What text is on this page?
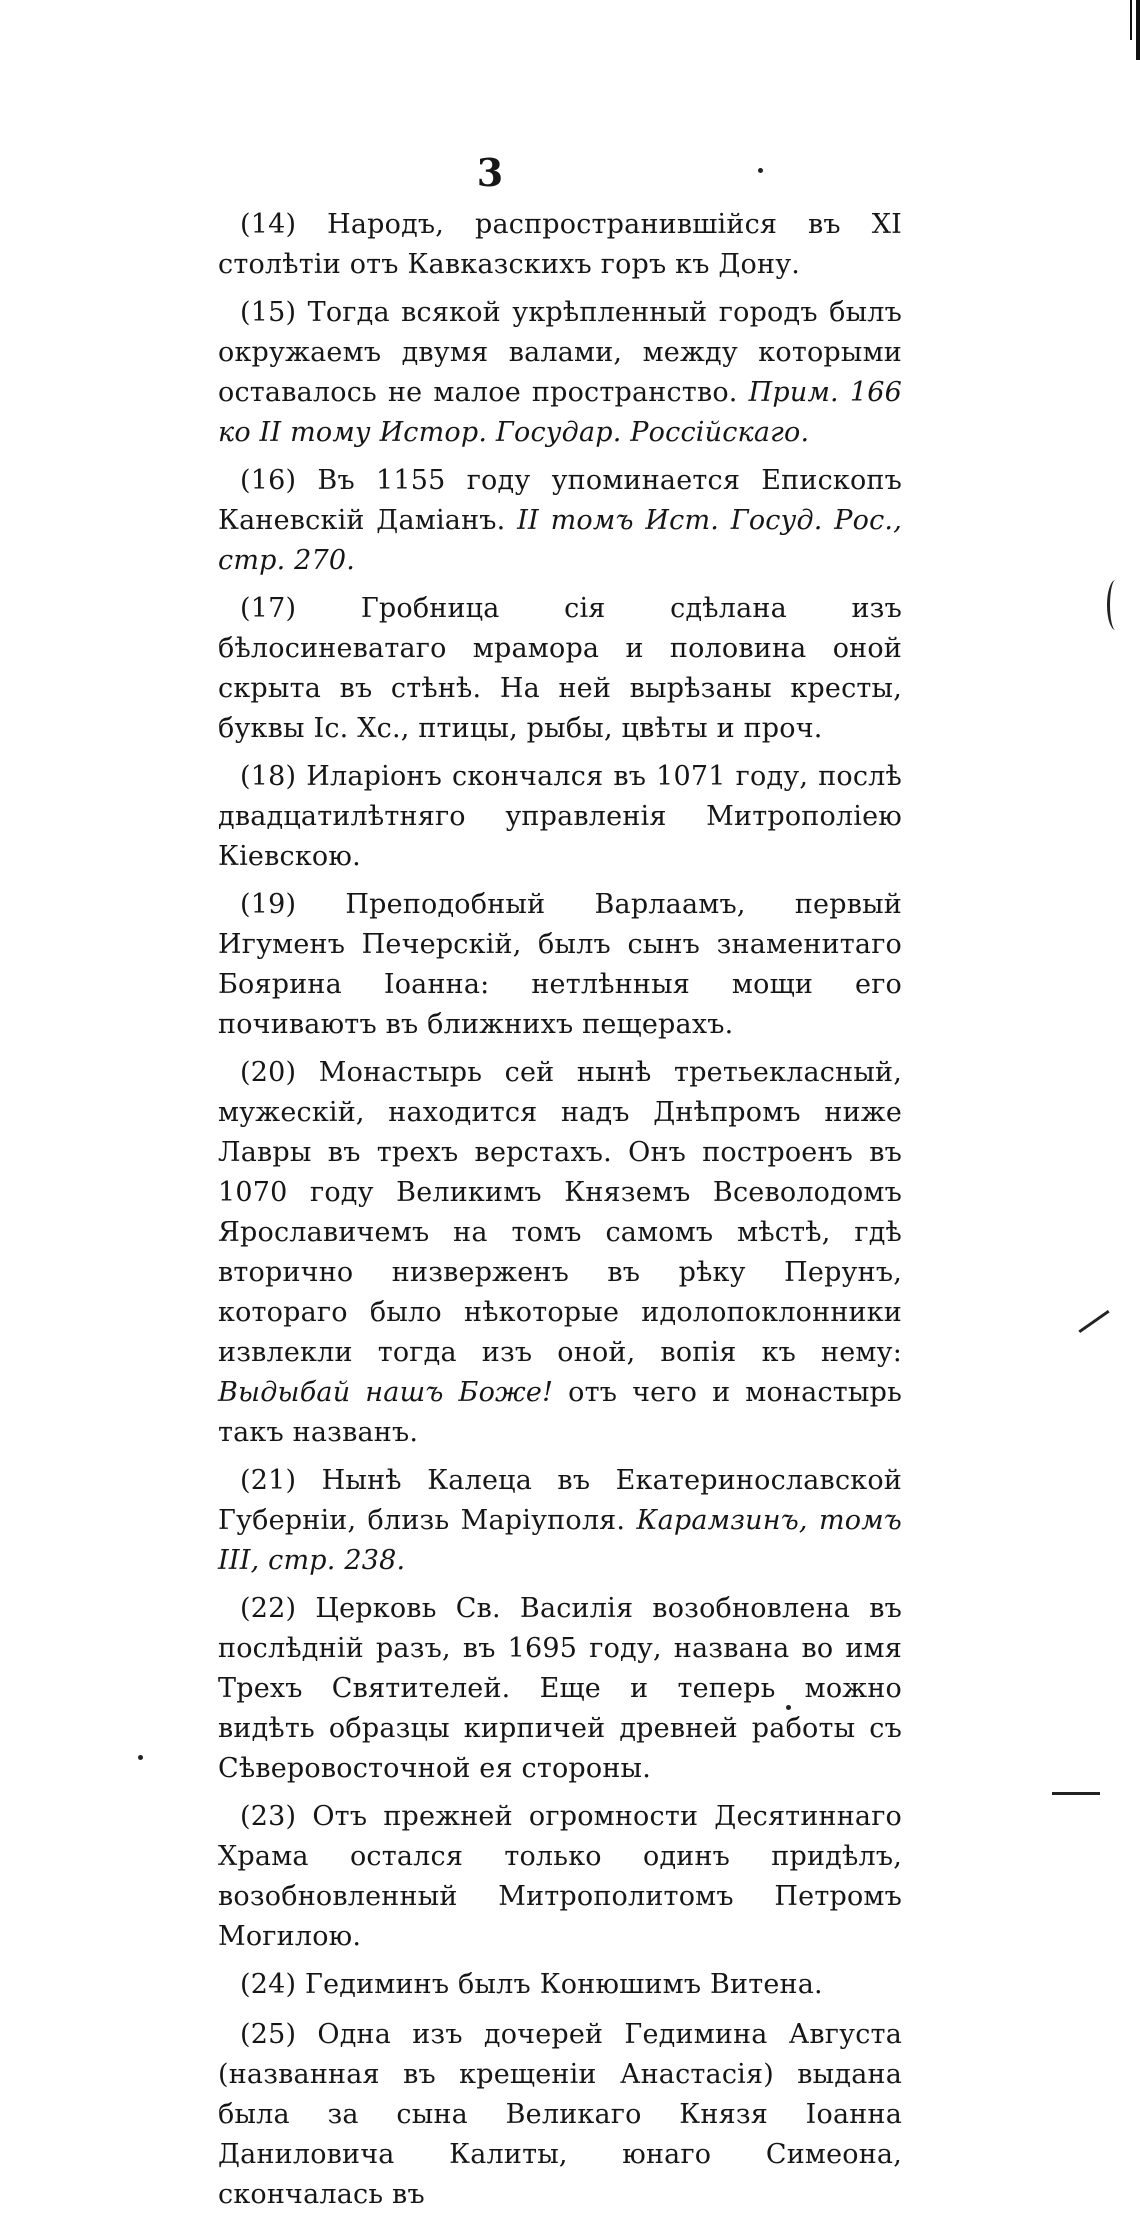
3

(14) Народъ, распространившiйся въ XI столѣтiи отъ Кавказскихъ горъ къ Дону.

(15) Тогда всякой укрѣпленный городъ былъ окружаемъ двумя валами, между которыми оставалось не малое пространство. Прим. 166 ко II тому Истор. Государ. Россiйскаго.

(16) Въ 1155 году упоминается Епископъ Каневскiй Дамiанъ. II томъ Ист. Госуд. Рос., стр. 270.

(17) Гробница сiя сдѣлана изъ бѣлосиневатаго мрамора и половина оной скрыта въ стѣнѣ. На ней вырѣзаны кресты, буквы Iс. Хс., птицы, рыбы, цвѣты и проч.

(18) Иларiонъ скончался въ 1071 году, послѣ двадцатилѣтняго управленiя Митрополiею Кiевскою.

(19) Преподобный Варлаамъ, первый Игуменъ Печерскiй, былъ сынъ знаменитаго Боярина Iоанна: нетлѣнныя мощи его почиваютъ въ ближнихъ пещерахъ.

(20) Монастырь сей нынѣ третьекласный, мужескiй, находится надъ Днѣпромъ ниже Лавры въ трехъ верстахъ. Онъ построенъ въ 1070 году Великимъ Княземъ Всеволодомъ Ярославичемъ на томъ самомъ мѣстѣ, гдѣ вторично низверженъ въ рѣку Перунъ, котораго было нѣкоторые идолопоклонники извлекли тогда изъ оной, вопiя къ нему: Выдыбай нашъ Боже! отъ чего и монастырь такъ названъ.

(21) Нынѣ Калеца въ Екатеринославской Губернiи, близь Марiуполя. Карамзинъ, томъ III, стр. 238.

(22) Церковь Св. Василiя возобновлена въ послѣднiй разъ, въ 1695 году, названа во имя Трехъ Святителей. Еще и теперь можно видѣть образцы кирпичей древней работы съ Сѣверовосточной ея стороны.

(23) Отъ прежней огромности Десятиннаго Храма остался только одинъ придѣлъ, возобновленный Митрополитомъ Петромъ Могилою.

(24) Гедиминъ былъ Конюшимъ Витена.

(25) Одна изъ дочерей Гедимина Августа (названная въ крещенiи Анастасiя) выдана была за сына Великаго Князя Iоанна Даниловича Калиты, юнаго Симеона, скончалась въ
